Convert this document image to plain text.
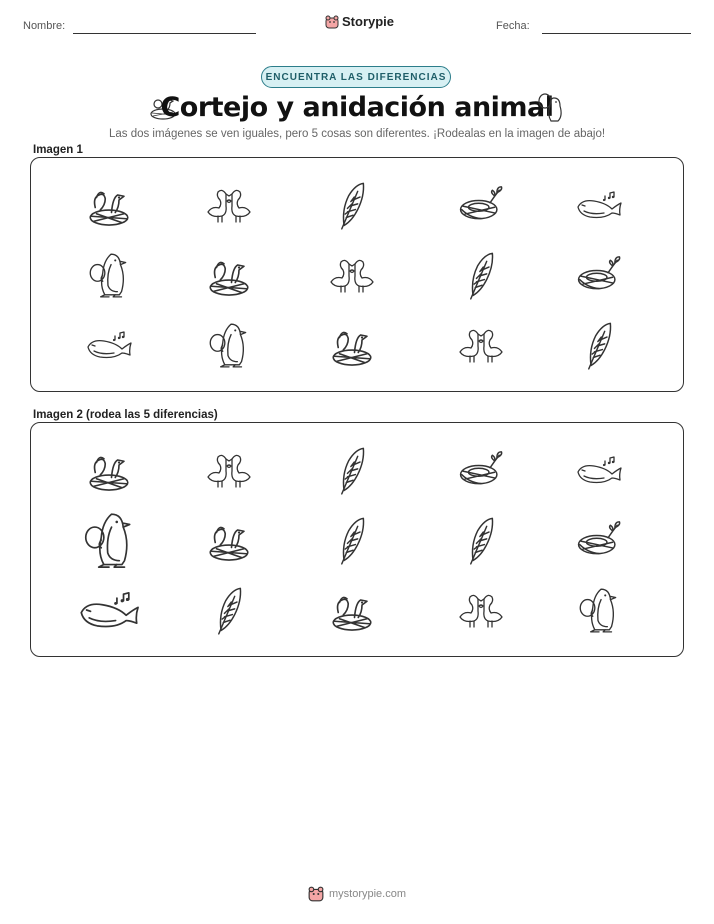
Nombre:	Storypie	Fecha:
ENCUENTRA LAS DIFERENCIAS
Cortejo y anidación animal
Las dos imágenes se ven iguales, pero 5 cosas son diferentes. ¡Rodealas en la imagen de abajo!
Imagen 1
Imagen 2 (rodea las 5 diferencias)
mystorypie.com
